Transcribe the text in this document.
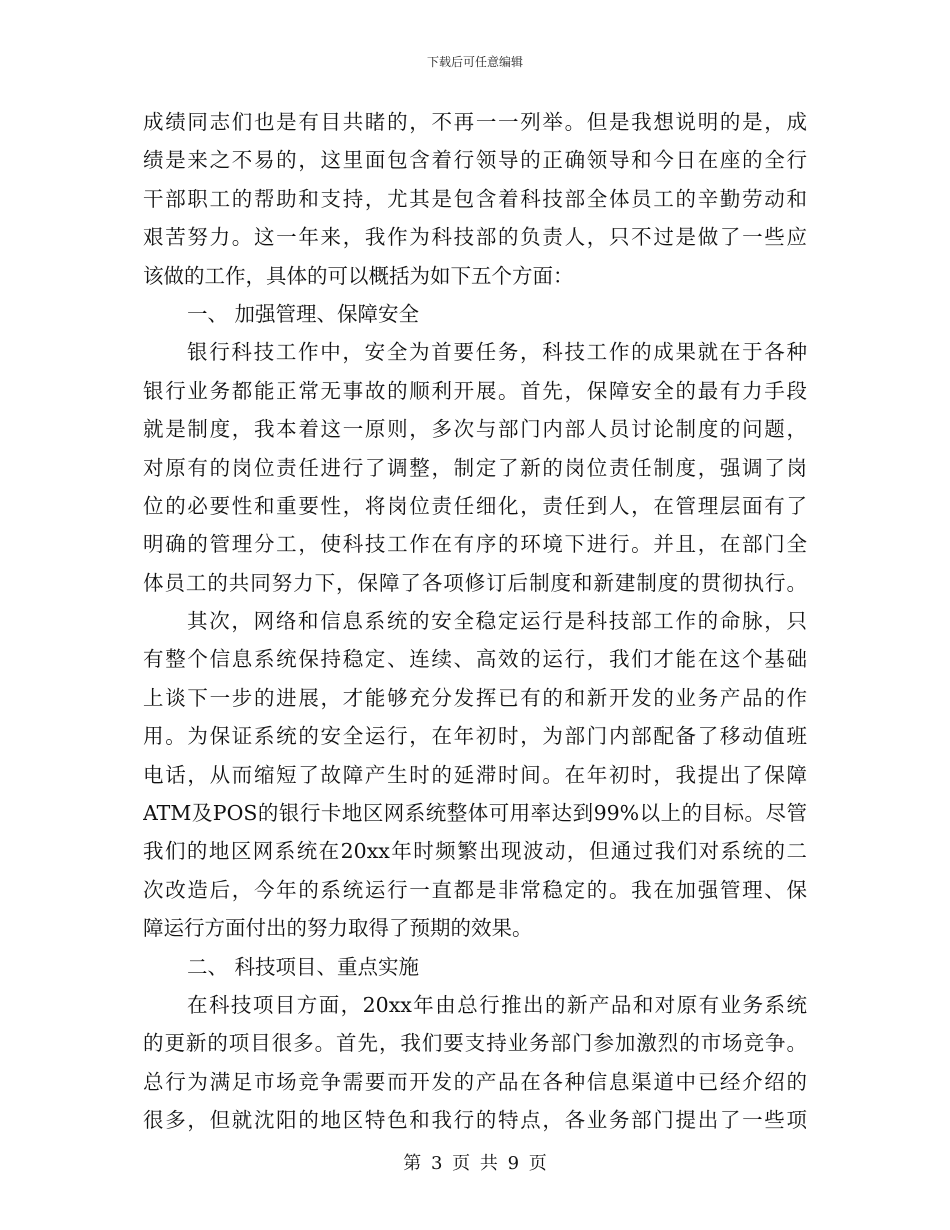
下载后可任意编辑
成绩同志们也是有目共睹的，不再一一列举。但是我想说明的是，成
绩是来之不易的，这里面包含着行领导的正确领导和今日在座的全行
干部职工的帮助和支持，尤其是包含着科技部全体员工的辛勤劳动和
艰苦努力。这一年来，我作为科技部的负责人，只不过是做了一些应
该做的工作，具体的可以概括为如下五个方面：
一、 加强管理、保障安全
银行科技工作中，安全为首要任务，科技工作的成果就在于各种
银行业务都能正常无事故的顺利开展。首先，保障安全的最有力手段
就是制度，我本着这一原则，多次与部门内部人员讨论制度的问题，
对原有的岗位责任进行了调整，制定了新的岗位责任制度，强调了岗
位的必要性和重要性，将岗位责任细化，责任到人，在管理层面有了
明确的管理分工，使科技工作在有序的环境下进行。并且，在部门全
体员工的共同努力下，保障了各项修订后制度和新建制度的贯彻执行。
其次，网络和信息系统的安全稳定运行是科技部工作的命脉，只
有整个信息系统保持稳定、连续、高效的运行，我们才能在这个基础
上谈下一步的进展，才能够充分发挥已有的和新开发的业务产品的作
用。为保证系统的安全运行，在年初时，为部门内部配备了移动值班
电话，从而缩短了故障产生时的延滞时间。在年初时，我提出了保障
ATM及POS的银行卡地区网系统整体可用率达到99%以上的目标。尽管
我们的地区网系统在20xx年时频繁出现波动，但通过我们对系统的二
次改造后，今年的系统运行一直都是非常稳定的。我在加强管理、保
障运行方面付出的努力取得了预期的效果。
二、 科技项目、重点实施
在科技项目方面，20xx年由总行推出的新产品和对原有业务系统
的更新的项目很多。首先，我们要支持业务部门参加激烈的市场竞争。
总行为满足市场竞争需要而开发的产品在各种信息渠道中已经介绍的
很多，但就沈阳的地区特色和我行的特点，各业务部门提出了一些项
第 3 页 共 9 页
